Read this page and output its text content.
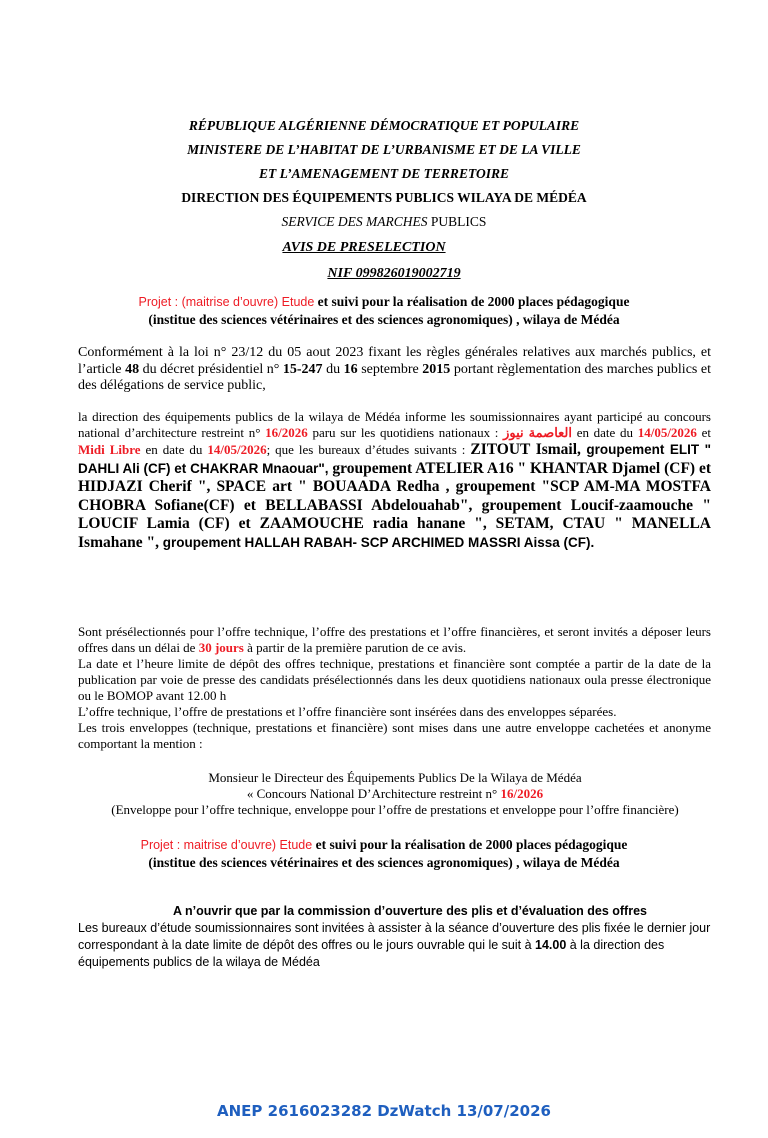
RÉPUBLIQUE ALGÉRIENNE DÉMOCRATIQUE ET POPULAIRE
MINISTERE DE L’HABITAT DE L’URBANISME ET DE LA VILLE
ET L’AMENAGEMENT DE TERRETOIRE
DIRECTION DES ÉQUIPEMENTS PUBLICS WILAYA DE MÉDÉA
SERVICE DES MARCHES PUBLICS
AVIS DE PRESELECTION
NIF 099826019002719
Projet : (maitrise d’ouvre) Etude et suivi pour la réalisation de 2000 places pédagogique
(institue des sciences vétérinaires et des sciences agronomiques) , wilaya de Médéa
Conformément à la loi n° 23/12 du 05 aout 2023 fixant les règles générales relatives aux marchés publics, et l’article 48 du décret présidentiel n° 15-247 du 16 septembre 2015 portant règlementation des marches publics et des délégations de service public,
la direction des équipements publics de la wilaya de Médéa informe les soumissionnaires ayant participé au concours national d’architecture restreint n° 16/2026 paru sur les quotidiens nationaux : العاصمة نيوز en date du 14/05/2026 et Midi Libre en date du 14/05/2026; que les bureaux d’études suivants : ZITOUT Ismail, groupement ELIT " DAHLI Ali (CF) et CHAKRAR Mnaouar", groupement ATELIER A16 " KHANTAR Djamel (CF) et HIDJAZI Cherif ", SPACE art " BOUAADA Redha , groupement "SCP AM-MA MOSTFA CHOBRA Sofiane(CF) et BELLABASSI Abdelouahab", groupement Loucif-zaamouche " LOUCIF Lamia (CF) et ZAAMOUCHE radia hanane ", SETAM, CTAU " MANELLA Ismahane ", groupement HALLAH RABAH- SCP ARCHIMED MASSRI Aissa (CF).
Sont présélectionnés pour l’offre technique, l’offre des prestations et l’offre financières, et seront invités a déposer leurs offres dans un délai de 30 jours à partir de la première parution de ce avis.
La date et l’heure limite de dépôt des offres technique, prestations et financière sont comptée a partir de la date de la publication par voie de presse des candidats présélectionnés dans les deux quotidiens nationaux oula presse électronique ou le BOMOP avant 12.00 h
L’offre technique, l’offre de prestations et l’offre financière sont insérées dans des enveloppes séparées.
Les trois enveloppes (technique, prestations et financière) sont mises dans une autre enveloppe cachetées et anonyme comportant la mention :
Monsieur le Directeur des Équipements Publics De la Wilaya de Médéa
« Concours National D’Architecture restreint n° 16/2026
(Enveloppe pour l’offre technique, enveloppe pour l’offre de prestations et enveloppe pour l’offre financière)
Projet : maitrise d’ouvre) Etude et suivi pour la réalisation de 2000 places pédagogique
(institue des sciences vétérinaires et des sciences agronomiques) , wilaya de Médéa
A n’ouvrir que par la commission d’ouverture des plis et d’évaluation des offres
Les bureaux d’étude soumissionnaires sont invitées à assister à la séance d’ouverture des plis fixée le dernier jour correspondant à la date limite de dépôt des offres ou le jours ouvrable qui le suit à 14.00 à la direction des équipements publics de la wilaya de Médéa
ANEP 2616023282 DzWatch 13/07/2026
